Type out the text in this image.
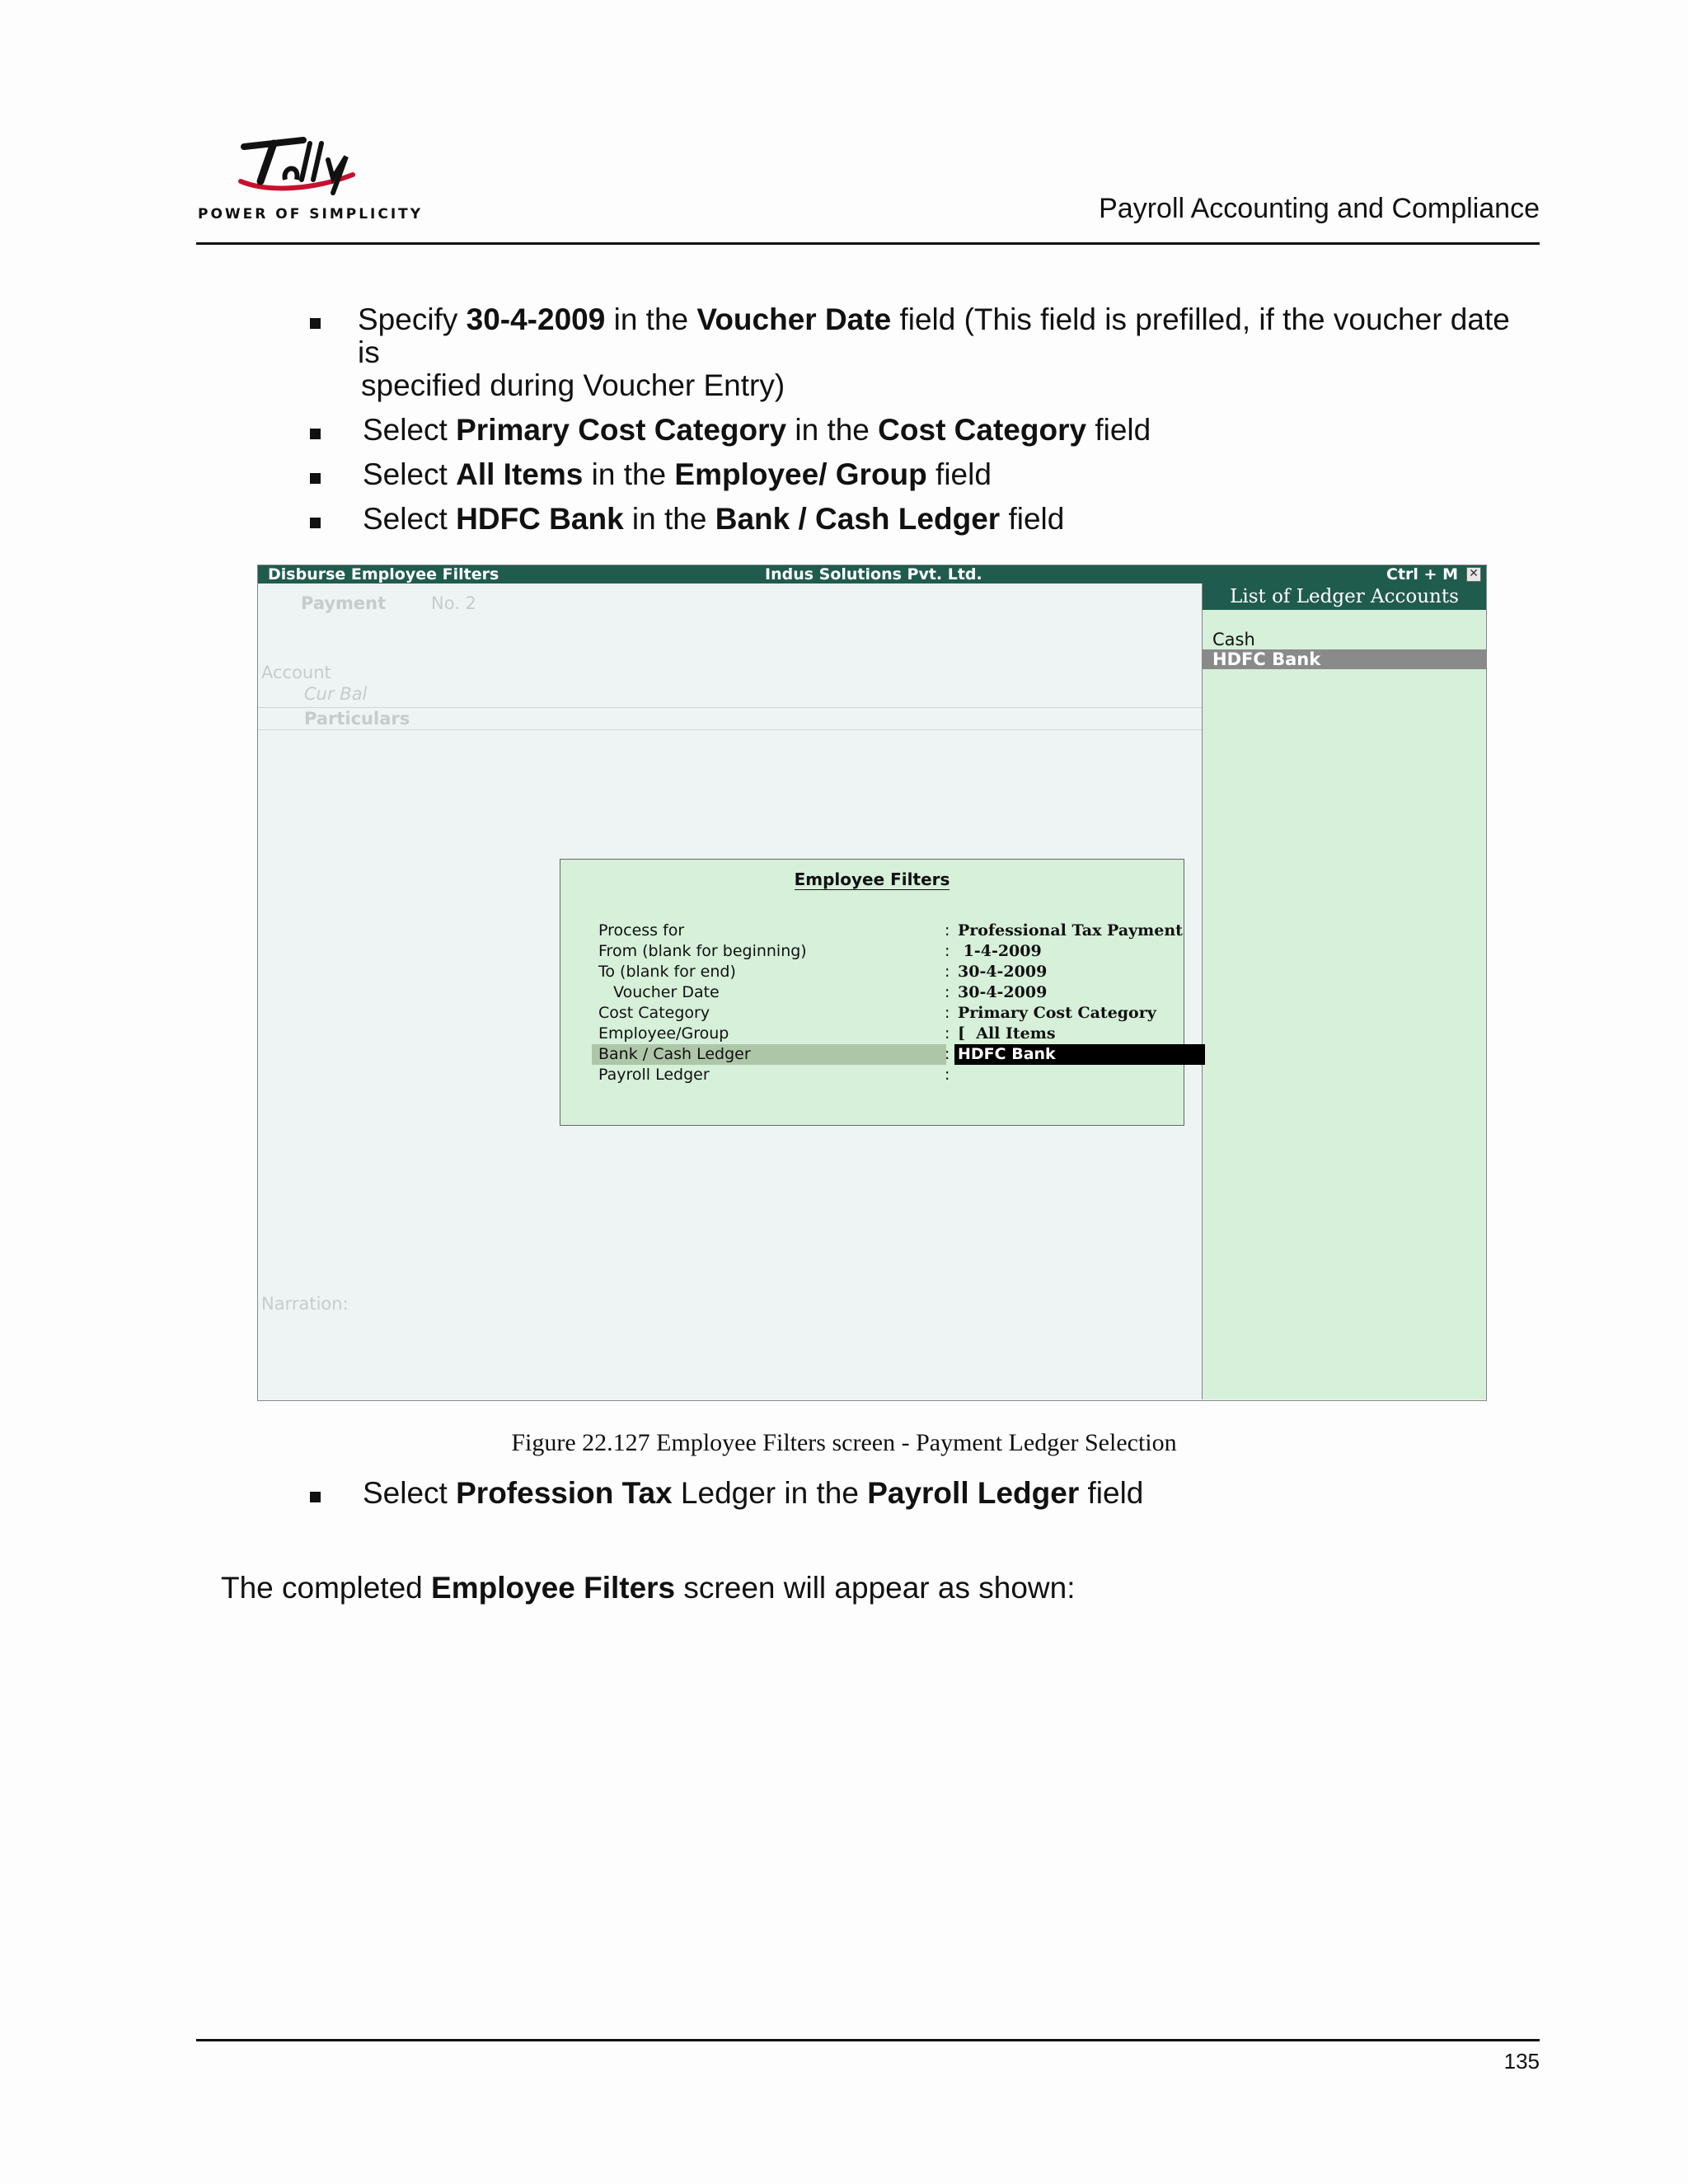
POWER OF SIMPLICITY	Payroll Accounting and Compliance
Specify 30-4-2009 in the Voucher Date field (This field is prefilled, if the voucher date is
specified during Voucher Entry)
Select Primary Cost Category in the Cost Category field
Select All Items in the Employee/ Group field
Select HDFC Bank in the Bank / Cash Ledger field
Disburse Employee Filters	Indus Solutions Pvt. Ltd.	Ctrl + M ✕
Payment	No. 2
Account
Cur Bal
Particulars
Narration:
List of Ledger Accounts
Cash
HDFC Bank
Employee Filters
Process for	: Professional Tax Payment
From (blank for beginning)	: 1-4-2009
To (blank for end)	: 30-4-2009
Voucher Date	: 30-4-2009
Cost Category	: Primary Cost Category
Employee/Group	: [  All Items
Bank / Cash Ledger	: HDFC Bank
Payroll Ledger	:
Figure 22.127 Employee Filters screen - Payment Ledger Selection
Select Profession Tax Ledger in the Payroll Ledger field
The completed Employee Filters screen will appear as shown:
135
